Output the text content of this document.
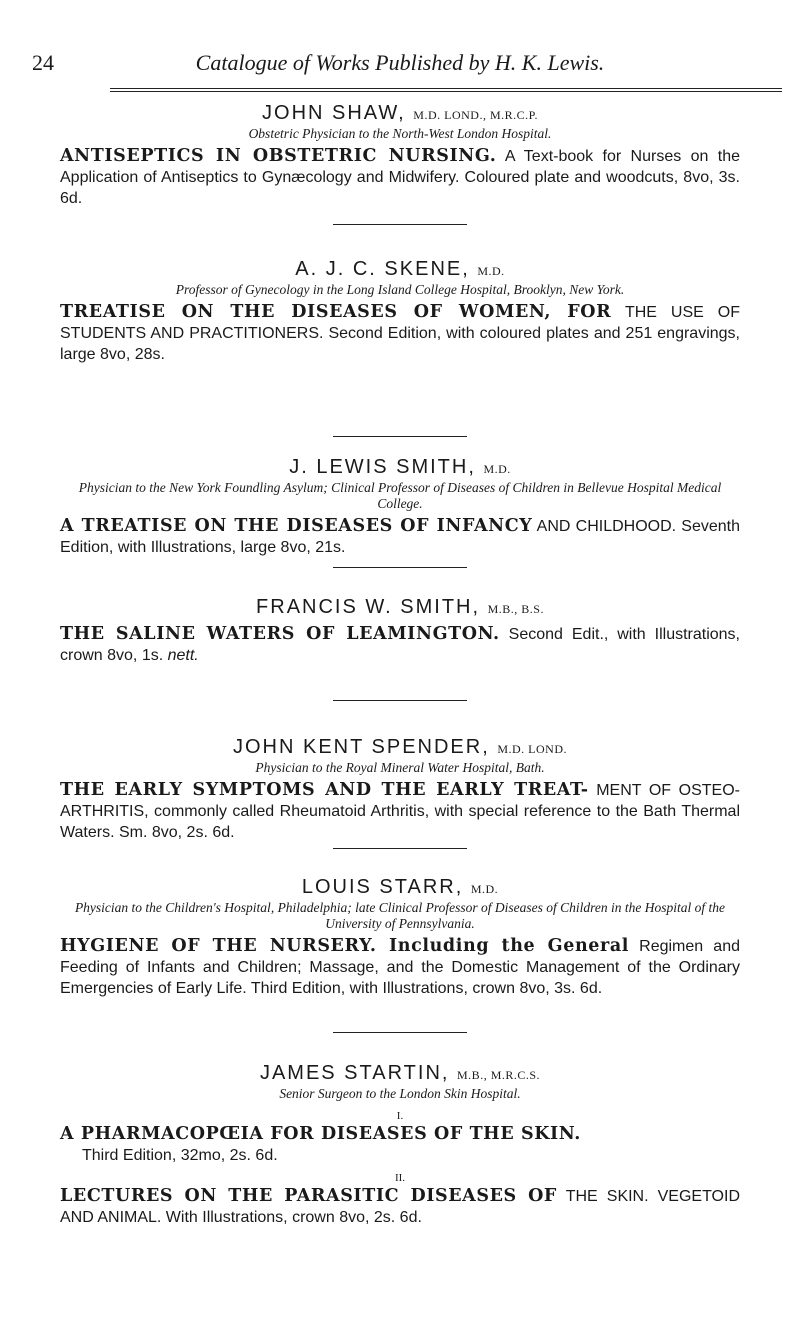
24	Catalogue of Works Published by H. K. Lewis.
JOHN SHAW, M.D. LOND., M.R.C.P.
Obstetric Physician to the North-West London Hospital.
ANTISEPTICS IN OBSTETRIC NURSING. A Text-book for Nurses on the Application of Antiseptics to Gynæcology and Midwifery. Coloured plate and woodcuts, 8vo, 3s. 6d.
A. J. C. SKENE, M.D.
Professor of Gynecology in the Long Island College Hospital, Brooklyn, New York.
TREATISE ON THE DISEASES OF WOMEN, FOR THE USE OF STUDENTS AND PRACTITIONERS. Second Edition, with coloured plates and 251 engravings, large 8vo, 28s.
J. LEWIS SMITH, M.D.
Physician to the New York Foundling Asylum; Clinical Professor of Diseases of Children in Bellevue Hospital Medical College.
A TREATISE ON THE DISEASES OF INFANCY AND CHILDHOOD. Seventh Edition, with Illustrations, large 8vo, 21s.
FRANCIS W. SMITH, M.B., B.S.
THE SALINE WATERS OF LEAMINGTON. Second Edit., with Illustrations, crown 8vo, 1s. nett.
JOHN KENT SPENDER, M.D. LOND.
Physician to the Royal Mineral Water Hospital, Bath.
THE EARLY SYMPTOMS AND THE EARLY TREAT- MENT OF OSTEO-ARTHRITIS, commonly called Rheumatoid Arthritis, with special reference to the Bath Thermal Waters. Sm. 8vo, 2s. 6d.
LOUIS STARR, M.D.
Physician to the Children's Hospital, Philadelphia; late Clinical Professor of Diseases of Children in the Hospital of the University of Pennsylvania.
HYGIENE OF THE NURSERY. Including the General Regimen and Feeding of Infants and Children; Massage, and the Domestic Management of the Ordinary Emergencies of Early Life. Third Edition, with Illustrations, crown 8vo, 3s. 6d.
JAMES STARTIN, M.B., M.R.C.S.
Senior Surgeon to the London Skin Hospital.
I.
A PHARMACOPŒIA FOR DISEASES OF THE SKIN.
Third Edition, 32mo, 2s. 6d.
II.
LECTURES ON THE PARASITIC DISEASES OF THE SKIN. VEGETOID AND ANIMAL. With Illustrations, crown 8vo, 2s. 6d.
